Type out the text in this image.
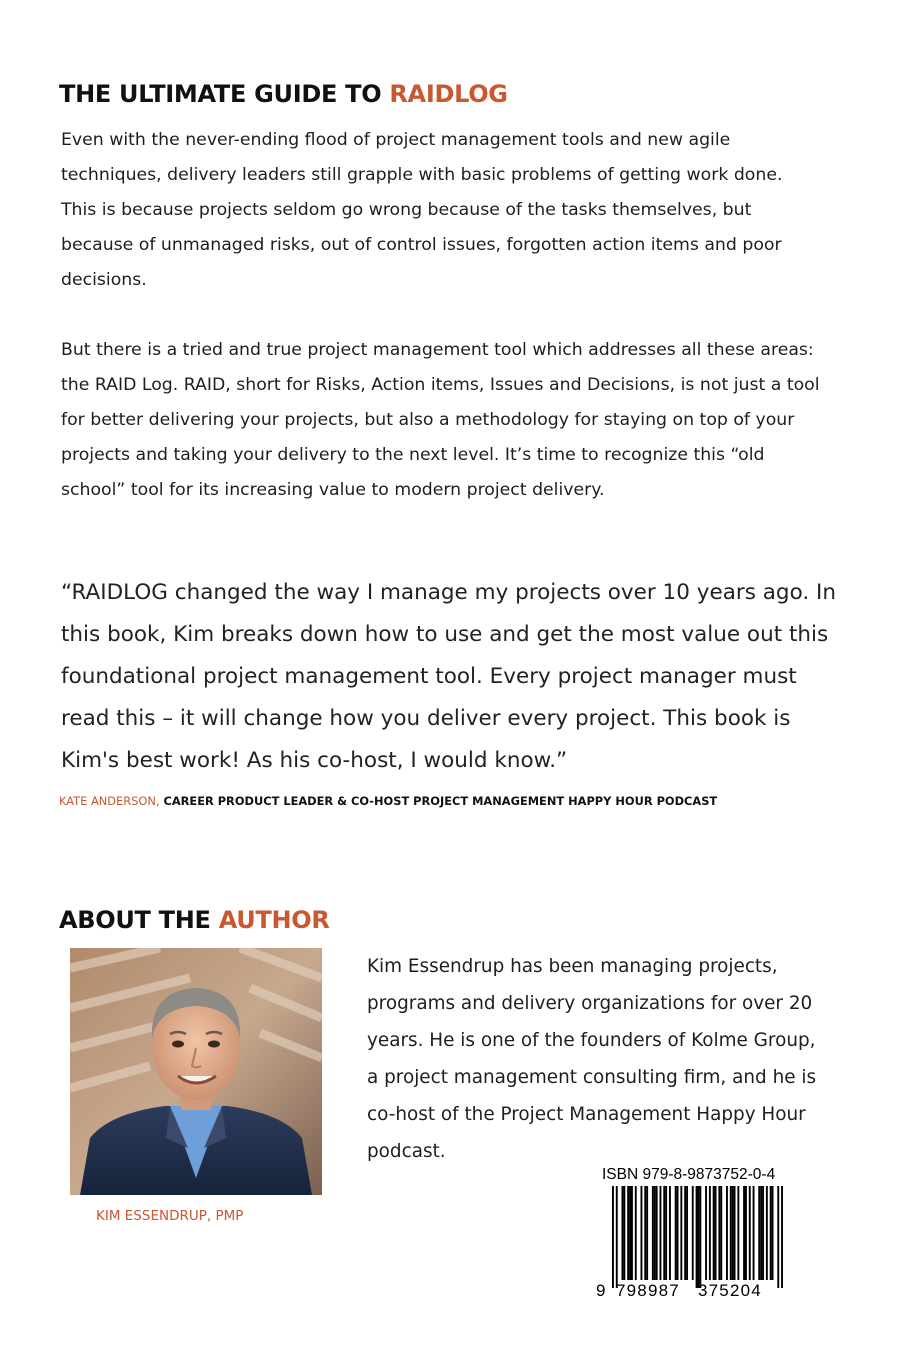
THE ULTIMATE GUIDE TO RAIDLOG

Even with the never-ending flood of project management tools and new agile techniques, delivery leaders still grapple with basic problems of getting work done. This is because projects seldom go wrong because of the tasks themselves, but because of unmanaged risks, out of control issues, forgotten action items and poor decisions.

But there is a tried and true project management tool which addresses all these areas: the RAID Log. RAID, short for Risks, Action items, Issues and Decisions, is not just a tool for better delivering your projects, but also a methodology for staying on top of your projects and taking your delivery to the next level. It’s time to recognize this “old school” tool for its increasing value to modern project delivery.

“RAIDLOG changed the way I manage my projects over 10 years ago. In this book, Kim breaks down how to use and get the most value out this foundational project management tool. Every project manager must read this – it will change how you deliver every project. This book is Kim's best work! As his co-host, I would know.”

KATE ANDERSON, CAREER PRODUCT LEADER & CO-HOST PROJECT MANAGEMENT HAPPY HOUR PODCAST

ABOUT THE AUTHOR

KIM ESSENDRUP, PMP

Kim Essendrup has been managing projects, programs and delivery organizations for over 20 years. He is one of the founders of Kolme Group, a project management consulting firm, and he is co-host of the Project Management Happy Hour podcast.

ISBN 979-8-9873752-0-4

9 798987 375204
